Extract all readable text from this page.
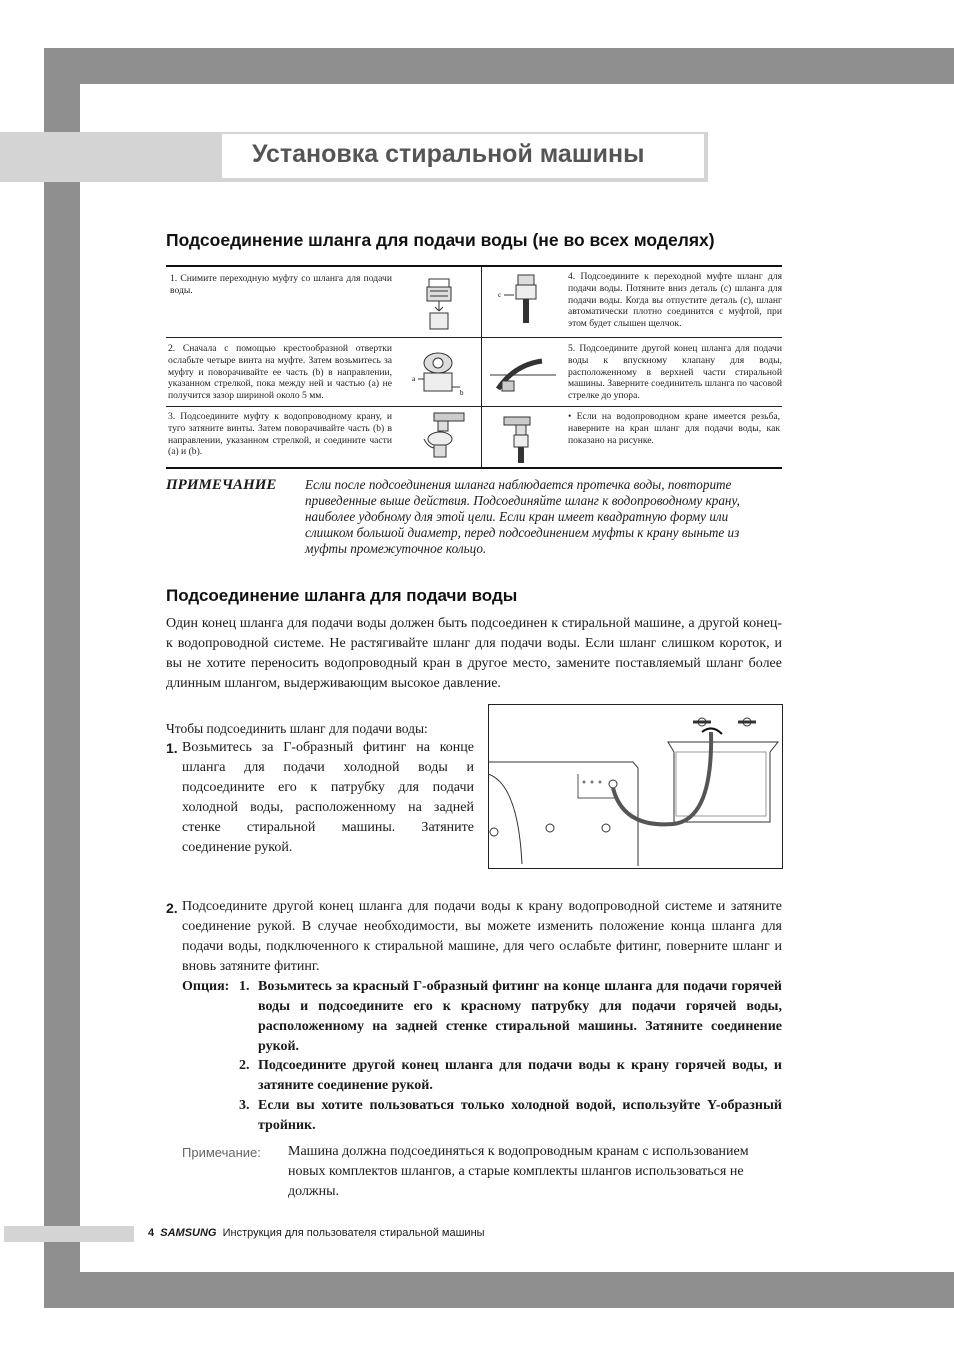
Установка стиральной машины
Подсоединение шланга для подачи воды (не во всех моделях)
1. Снимите переходную муфту со шланга для подачи воды.
2. Сначала с помощью крестообразной отвертки ослабьте четыре винта на муфте. Затем возьмитесь за муфту и поворачивайте ее часть (b) в направлении, указанном стрелкой, пока между ней и частью (а) не получится зазор шириной около 5 мм.
3. Подсоедините муфту к водопроводному крану, и туго затяните винты. Затем поворачивайте часть (b) в направлении, указанном стрелкой, и соедините части (а) и (b).
4. Подсоедините к переходной муфте шланг для подачи воды. Потяните вниз деталь (с) шланга для подачи воды. Когда вы отпустите деталь (с), шланг автоматически плотно соединится с муфтой, при этом будет слышен щелчок.
5. Подсоедините другой конец шланга для подачи воды к впускному клапану для воды, расположенному в верхней части стиральной машины. Заверните соединитель шланга по часовой стрелке до упора.
• Если на водопроводном кране имеется резьба, наверните на кран шланг для подачи воды, как показано на рисунке.
a
b
c
ПРИМЕЧАНИЕ Если после подсоединения шланга наблюдается протечка воды, повторите приведенные выше действия. Подсоединяйте шланг к водопроводному крану, наиболее удобному для этой цели. Если кран имеет квадратную форму или слишком большой диаметр, перед подсоединением муфты к крану выньте из муфты промежуточное кольцо.
Подсоединение шланга для подачи воды
Один конец шланга для подачи воды должен быть подсоединен к стиральной машине, а другой конец-к водопроводной системе. Не растягивайте шланг для подачи воды. Если шланг слишком короток, и вы не хотите переносить водопроводный кран в другое место, замените поставляемый шланг более длинным шлангом, выдерживающим высокое давление.
Чтобы подсоединить шланг для подачи воды:
1. Возьмитесь за Г-образный фитинг на конце шланга для подачи холодной воды и подсоедините его к патрубку для подачи холодной воды, расположенному на задней стенке стиральной машины. Затяните соединение рукой.
2. Подсоедините другой конец шланга для подачи воды к крану водопроводной системе и затяните соединение рукой. В случае необходимости, вы можете изменить положение конца шланга для подачи воды, подключенного к стиральной машине, для чего ослабьте фитинг, поверните шланг и вновь затяните фитинг.
Опция: 1. Возьмитесь за красный Г-образный фитинг на конце шланга для подачи горячей воды и подсоедините его к красному патрубку для подачи горячей воды, расположенному на задней стенке стиральной машины. Затяните соединение рукой.
2. Подсоедините другой конец шланга для подачи воды к крану горячей воды, и затяните соединение рукой.
3. Если вы хотите пользоваться только холодной водой, используйте Y-образный тройник.
Примечание: Машина должна подсоединяться к водопроводным кранам с использованием новых комплектов шлангов, а старые комплекты шлангов использоваться не должны.
4 SAMSUNG Инструкция для пользователя стиральной машины
